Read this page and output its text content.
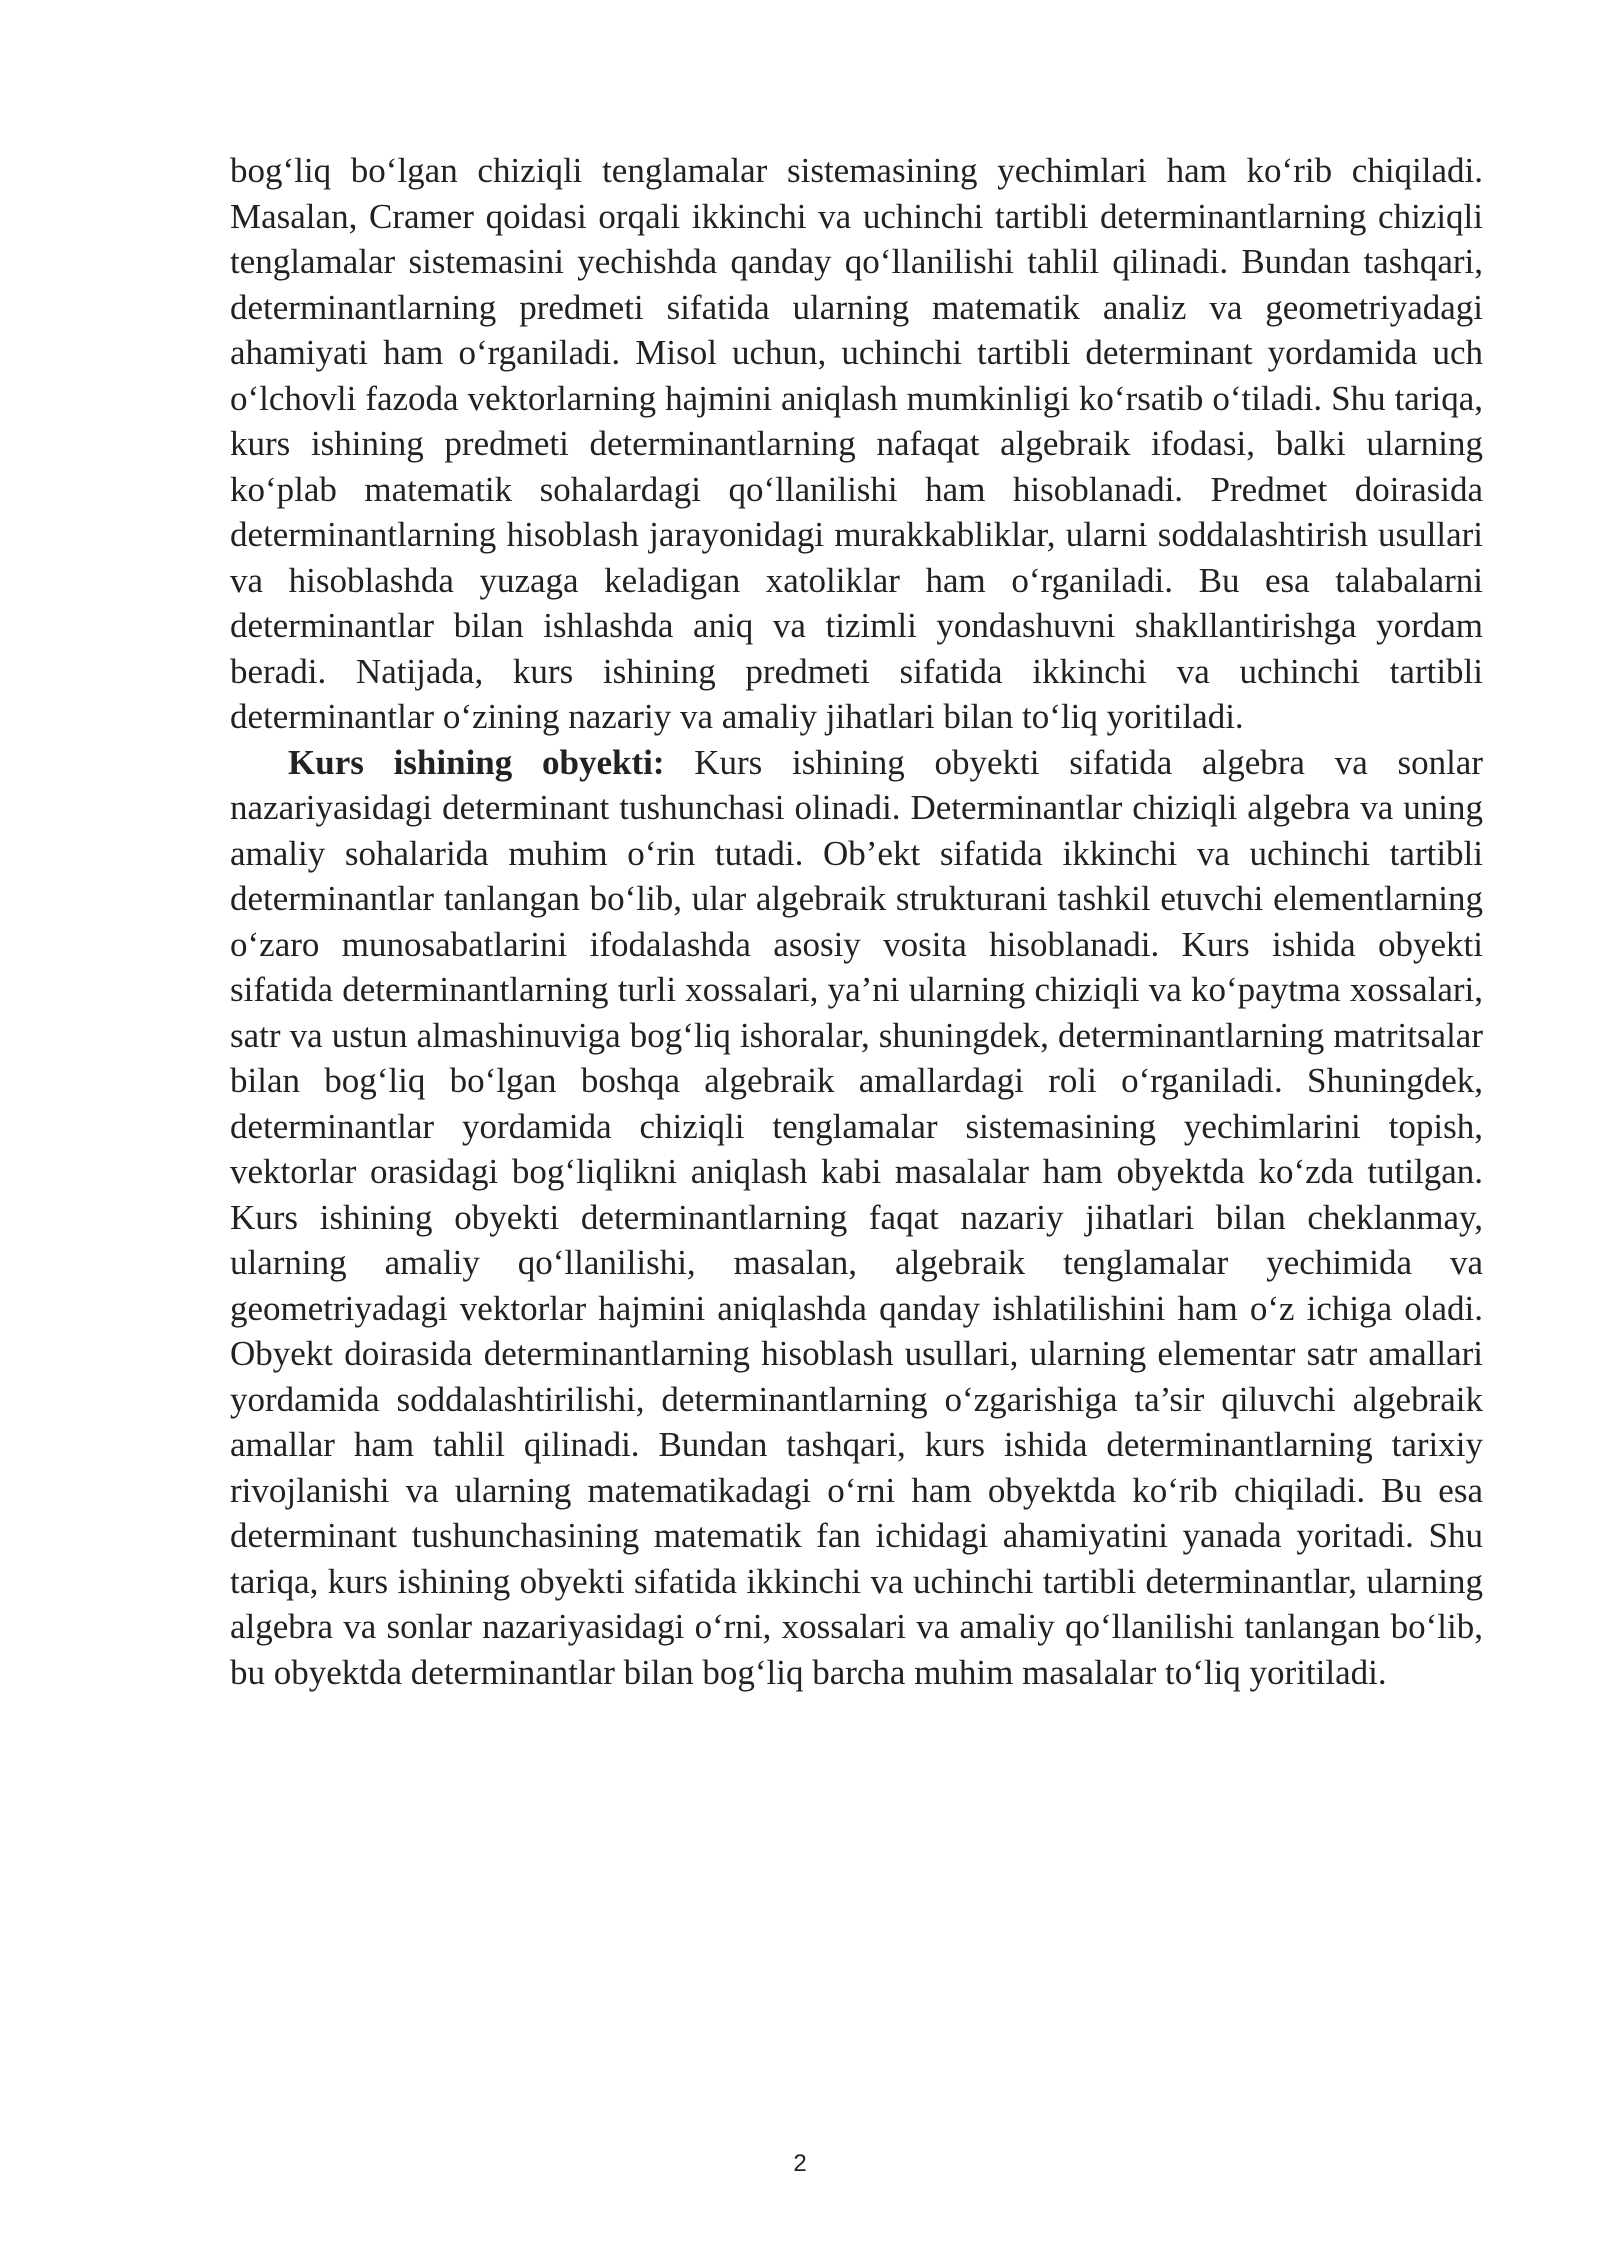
bog‘liq bo‘lgan chiziqli tenglamalar sistemasining yechimlari ham ko‘rib chiqiladi. Masalan, Cramer qoidasi orqali ikkinchi va uchinchi tartibli determinantlarning chiziqli tenglamalar sistemasini yechishda qanday qo‘llanilishi tahlil qilinadi. Bundan tashqari, determinantlarning predmeti sifatida ularning matematik analiz va geometriyadagi ahamiyati ham o‘rganiladi. Misol uchun, uchinchi tartibli determinant yordamida uch o‘lchovli fazoda vektorlarning hajmini aniqlash mumkinligi ko‘rsatib o‘tiladi. Shu tariqa, kurs ishining predmeti determinantlarning nafaqat algebraik ifodasi, balki ularning ko‘plab matematik sohalardagi qo‘llanilishi ham hisoblanadi. Predmet doirasida determinantlarning hisoblash jarayonidagi murakkabliklar, ularni soddalashtirish usullari va hisoblashda yuzaga keladigan xatoliklar ham o‘rganiladi. Bu esa talabalarni determinantlar bilan ishlashda aniq va tizimli yondashuvni shakllantirishga yordam beradi. Natijada, kurs ishining predmeti sifatida ikkinchi va uchinchi tartibli determinantlar o‘zining nazariy va amaliy jihatlari bilan to‘liq yoritiladi.

Kurs ishining obyekti: Kurs ishining obyekti sifatida algebra va sonlar nazariyasidagi determinant tushunchasi olinadi. Determinantlar chiziqli algebra va uning amaliy sohalarida muhim o‘rin tutadi. Ob’ekt sifatida ikkinchi va uchinchi tartibli determinantlar tanlangan bo‘lib, ular algebraik strukturani tashkil etuvchi elementlarning o‘zaro munosabatlarini ifodalashda asosiy vosita hisoblanadi. Kurs ishida obyekti sifatida determinantlarning turli xossalari, ya’ni ularning chiziqli va ko‘paytma xossalari, satr va ustun almashinuviga bog‘liq ishoralar, shuningdek, determinantlarning matritsalar bilan bog‘liq bo‘lgan boshqa algebraik amallardagi roli o‘rganiladi. Shuningdek, determinantlar yordamida chiziqli tenglamalar sistemasining yechimlarini topish, vektorlar orasidagi bog‘liqlikni aniqlash kabi masalalar ham obyektda ko‘zda tutilgan. Kurs ishining obyekti determinantlarning faqat nazariy jihatlari bilan cheklanmay, ularning amaliy qo‘llanilishi, masalan, algebraik tenglamalar yechimida va geometriyadagi vektorlar hajmini aniqlashda qanday ishlatilishini ham o‘z ichiga oladi. Obyekt doirasida determinantlarning hisoblash usullari, ularning elementar satr amallari yordamida soddalashtirilishi, determinantlarning o‘zgarishiga ta’sir qiluvchi algebraik amallar ham tahlil qilinadi. Bundan tashqari, kurs ishida determinantlarning tarixiy rivojlanishi va ularning matematikadagi o‘rni ham obyektda ko‘rib chiqiladi. Bu esa determinant tushunchasining matematik fan ichidagi ahamiyatini yanada yoritadi. Shu tariqa, kurs ishining obyekti sifatida ikkinchi va uchinchi tartibli determinantlar, ularning algebra va sonlar nazariyasidagi o‘rni, xossalari va amaliy qo‘llanilishi tanlangan bo‘lib, bu obyektda determinantlar bilan bog‘liq barcha muhim masalalar to‘liq yoritiladi.

2
